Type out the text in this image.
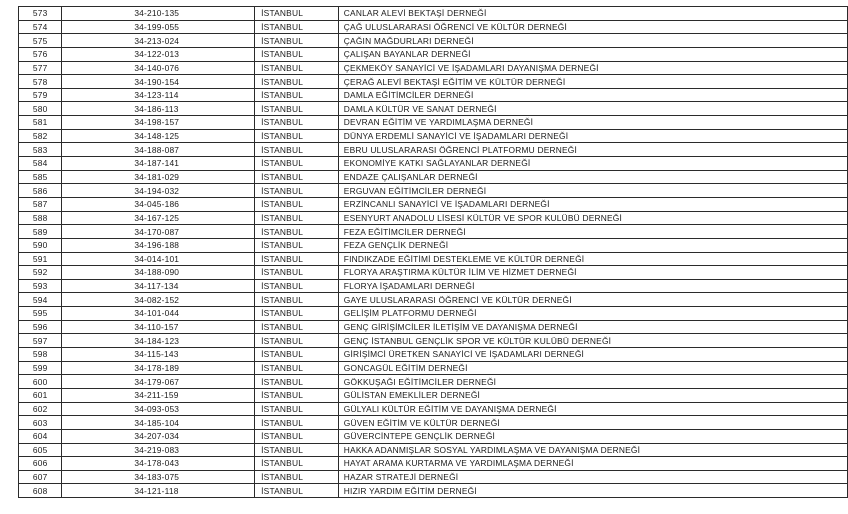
573	34-210-135	İSTANBUL	CANLAR ALEVİ BEKTAŞİ DERNEĞİ
574	34-199-055	İSTANBUL	ÇAĞ ULUSLARARASI ÖĞRENCİ VE KÜLTÜR DERNEĞİ
575	34-213-024	İSTANBUL	ÇAĞIN MAĞDURLARI DERNEĞİ
576	34-122-013	İSTANBUL	ÇALIŞAN BAYANLAR DERNEĞİ
577	34-140-076	İSTANBUL	ÇEKMEKÖY SANAYİCİ VE İŞADAMLARI DAYANIŞMA DERNEĞİ
578	34-190-154	İSTANBUL	ÇERAĞ ALEVİ BEKTAŞİ EĞİTİM VE KÜLTÜR DERNEĞİ
579	34-123-114	İSTANBUL	DAMLA EĞİTİMCİLER DERNEĞİ
580	34-186-113	İSTANBUL	DAMLA KÜLTÜR VE SANAT DERNEĞİ
581	34-198-157	İSTANBUL	DEVRAN EĞİTİM VE YARDIMLAŞMA DERNEĞİ
582	34-148-125	İSTANBUL	DÜNYA ERDEMLİ SANAYİCİ VE İŞADAMLARI DERNEĞİ
583	34-188-087	İSTANBUL	EBRU ULUSLARARASI ÖĞRENCİ PLATFORMU DERNEĞİ
584	34-187-141	İSTANBUL	EKONOMİYE KATKI SAĞLAYANLAR DERNEĞİ
585	34-181-029	İSTANBUL	ENDAZE ÇALIŞANLAR DERNEĞİ
586	34-194-032	İSTANBUL	ERGUVAN EĞİTİMCİLER DERNEĞİ
587	34-045-186	İSTANBUL	ERZİNCANLI SANAYİCİ VE İŞADAMLARI DERNEĞİ
588	34-167-125	İSTANBUL	ESENYURT ANADOLU LİSESİ KÜLTÜR VE SPOR KULÜBÜ DERNEĞİ
589	34-170-087	İSTANBUL	FEZA EĞİTİMCİLER DERNEĞİ
590	34-196-188	İSTANBUL	FEZA GENÇLİK DERNEĞİ
591	34-014-101	İSTANBUL	FINDIKZADE EĞİTİMİ DESTEKLEME VE KÜLTÜR DERNEĞİ
592	34-188-090	İSTANBUL	FLORYA ARAŞTIRMA KÜLTÜR İLİM VE HİZMET DERNEĞİ
593	34-117-134	İSTANBUL	FLORYA İŞADAMLARI DERNEĞİ
594	34-082-152	İSTANBUL	GAYE ULUSLARARASI ÖĞRENCİ VE KÜLTÜR DERNEĞİ
595	34-101-044	İSTANBUL	GELİŞİM PLATFORMU DERNEĞİ
596	34-110-157	İSTANBUL	GENÇ GİRİŞİMCİLER İLETİŞİM VE DAYANIŞMA DERNEĞİ
597	34-184-123	İSTANBUL	GENÇ İSTANBUL GENÇLİK SPOR VE KÜLTÜR KULÜBÜ DERNEĞİ
598	34-115-143	İSTANBUL	GİRİŞİMCİ ÜRETKEN SANAYİCİ VE İŞADAMLARI DERNEĞİ
599	34-178-189	İSTANBUL	GONCAGÜL EĞİTİM DERNEĞİ
600	34-179-067	İSTANBUL	GÖKKUŞAĞI EĞİTİMCİLER DERNEĞİ
601	34-211-159	İSTANBUL	GÜLİSTAN EMEKLİLER DERNEĞİ
602	34-093-053	İSTANBUL	GÜLYALI KÜLTÜR EĞİTİM VE DAYANIŞMA DERNEĞİ
603	34-185-104	İSTANBUL	GÜVEN EĞİTİM VE KÜLTÜR DERNEĞİ
604	34-207-034	İSTANBUL	GÜVERCİNTEPE GENÇLİK DERNEĞİ
605	34-219-083	İSTANBUL	HAKKA ADANMIŞLAR SOSYAL YARDIMLAŞMA VE DAYANIŞMA DERNEĞİ
606	34-178-043	İSTANBUL	HAYAT ARAMA KURTARMA VE YARDIMLAŞMA DERNEĞİ
607	34-183-075	İSTANBUL	HAZAR STRATEJİ DERNEĞİ
608	34-121-118	İSTANBUL	HIZIR YARDIM EĞİTİM DERNEĞİ
